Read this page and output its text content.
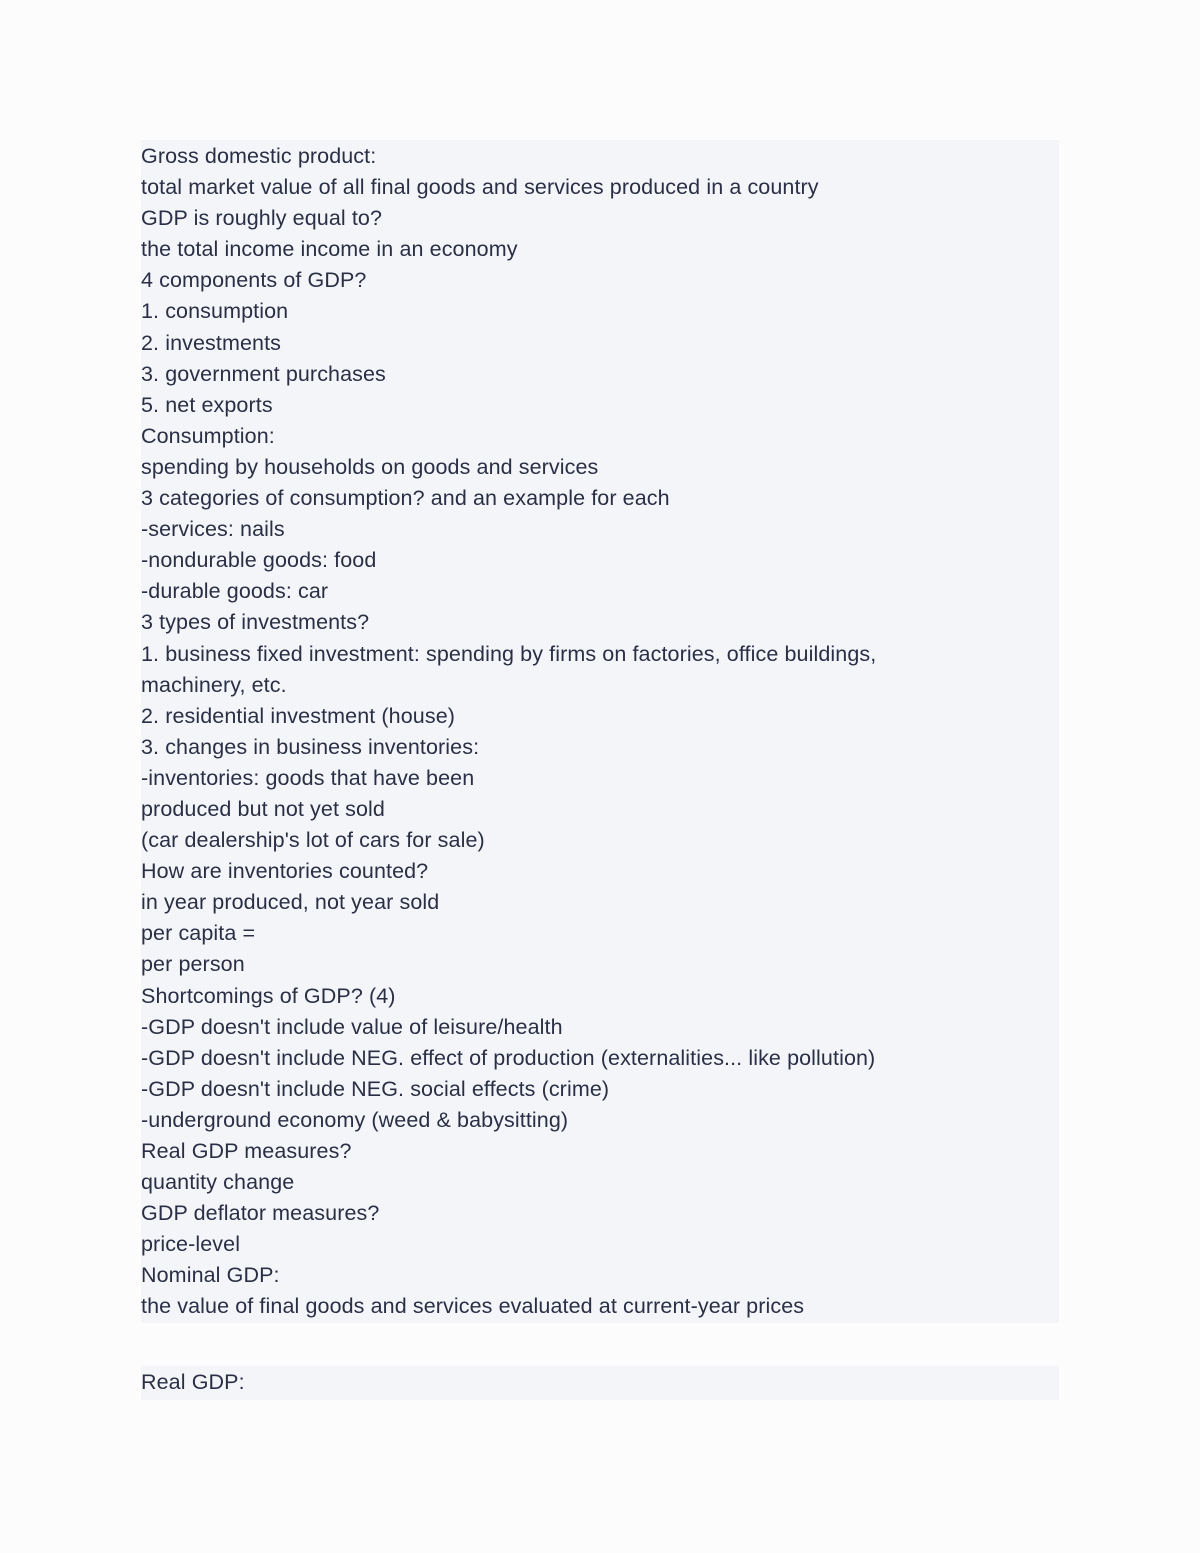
Gross domestic product:
total market value of all final goods and services produced in a country
GDP is roughly equal to?
the total income income in an economy
4 components of GDP?
1. consumption
2. investments
3. government purchases
5. net exports
Consumption:
spending by households on goods and services
3 categories of consumption? and an example for each
-services: nails
-nondurable goods: food
-durable goods: car
3 types of investments?
1. business fixed investment: spending by firms on factories, office buildings,
machinery, etc.
2. residential investment (house)
3. changes in business inventories:
-inventories: goods that have been
produced but not yet sold
(car dealership's lot of cars for sale)
How are inventories counted?
in year produced, not year sold
per capita =
per person
Shortcomings of GDP? (4)
-GDP doesn't include value of leisure/health
-GDP doesn't include NEG. effect of production (externalities... like pollution)
-GDP doesn't include NEG. social effects (crime)
-underground economy (weed & babysitting)
Real GDP measures?
quantity change
GDP deflator measures?
price-level
Nominal GDP:
the value of final goods and services evaluated at current-year prices
Real GDP:
